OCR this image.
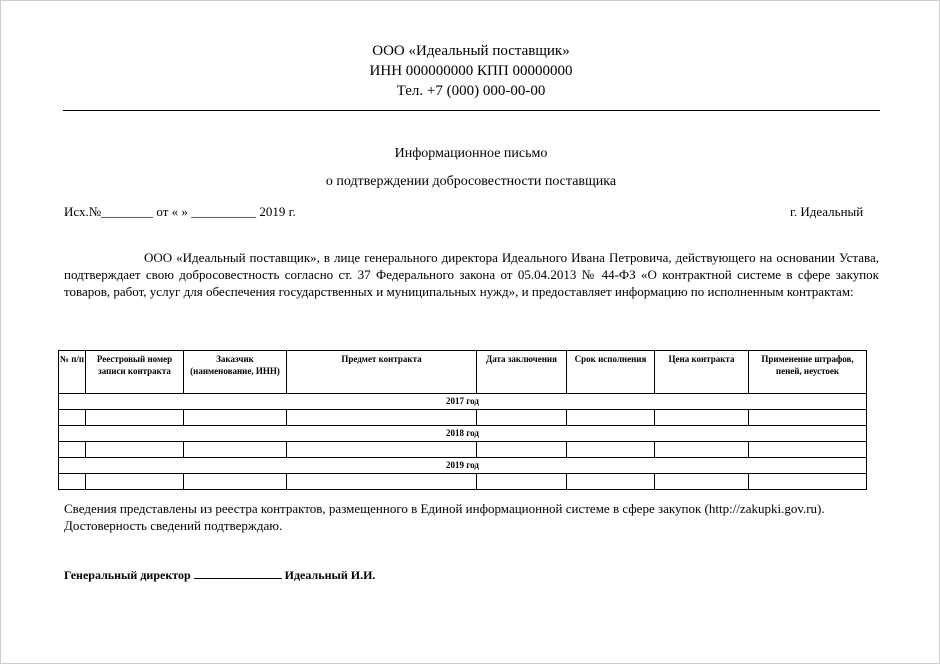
ООО «Идеальный поставщик»
ИНН 000000000 КПП 00000000
Тел. +7 (000) 000-00-00
Информационное письмо
о подтверждении добросовестности поставщика
Исх.№________ от « » __________ 2019 г.	г. Идеальный
ООО «Идеальный поставщик», в лице генерального директора Идеального Ивана Петровича, действующего на основании Устава, подтверждает свою добросовестность согласно ст. 37 Федерального закона от 05.04.2013 № 44-ФЗ «О контрактной системе в сфере закупок товаров, работ, услуг для обеспечения государственных и муниципальных нужд», и предоставляет информацию по исполненным контрактам:
№ п/п	Реестровый номер записи контракта	Заказчик (наименование, ИНН)	Предмет контракта	Дата заключения	Срок исполнения	Цена контракта	Применение штрафов, пеней, неустоек
2017 год							

2018 год							

2019 год							

Сведения представлены из реестра контрактов, размещенного в Единой информационной системе в сфере закупок (http://zakupki.gov.ru).
Достоверность сведений подтверждаю.
Генеральный директор	Идеальный И.И.
